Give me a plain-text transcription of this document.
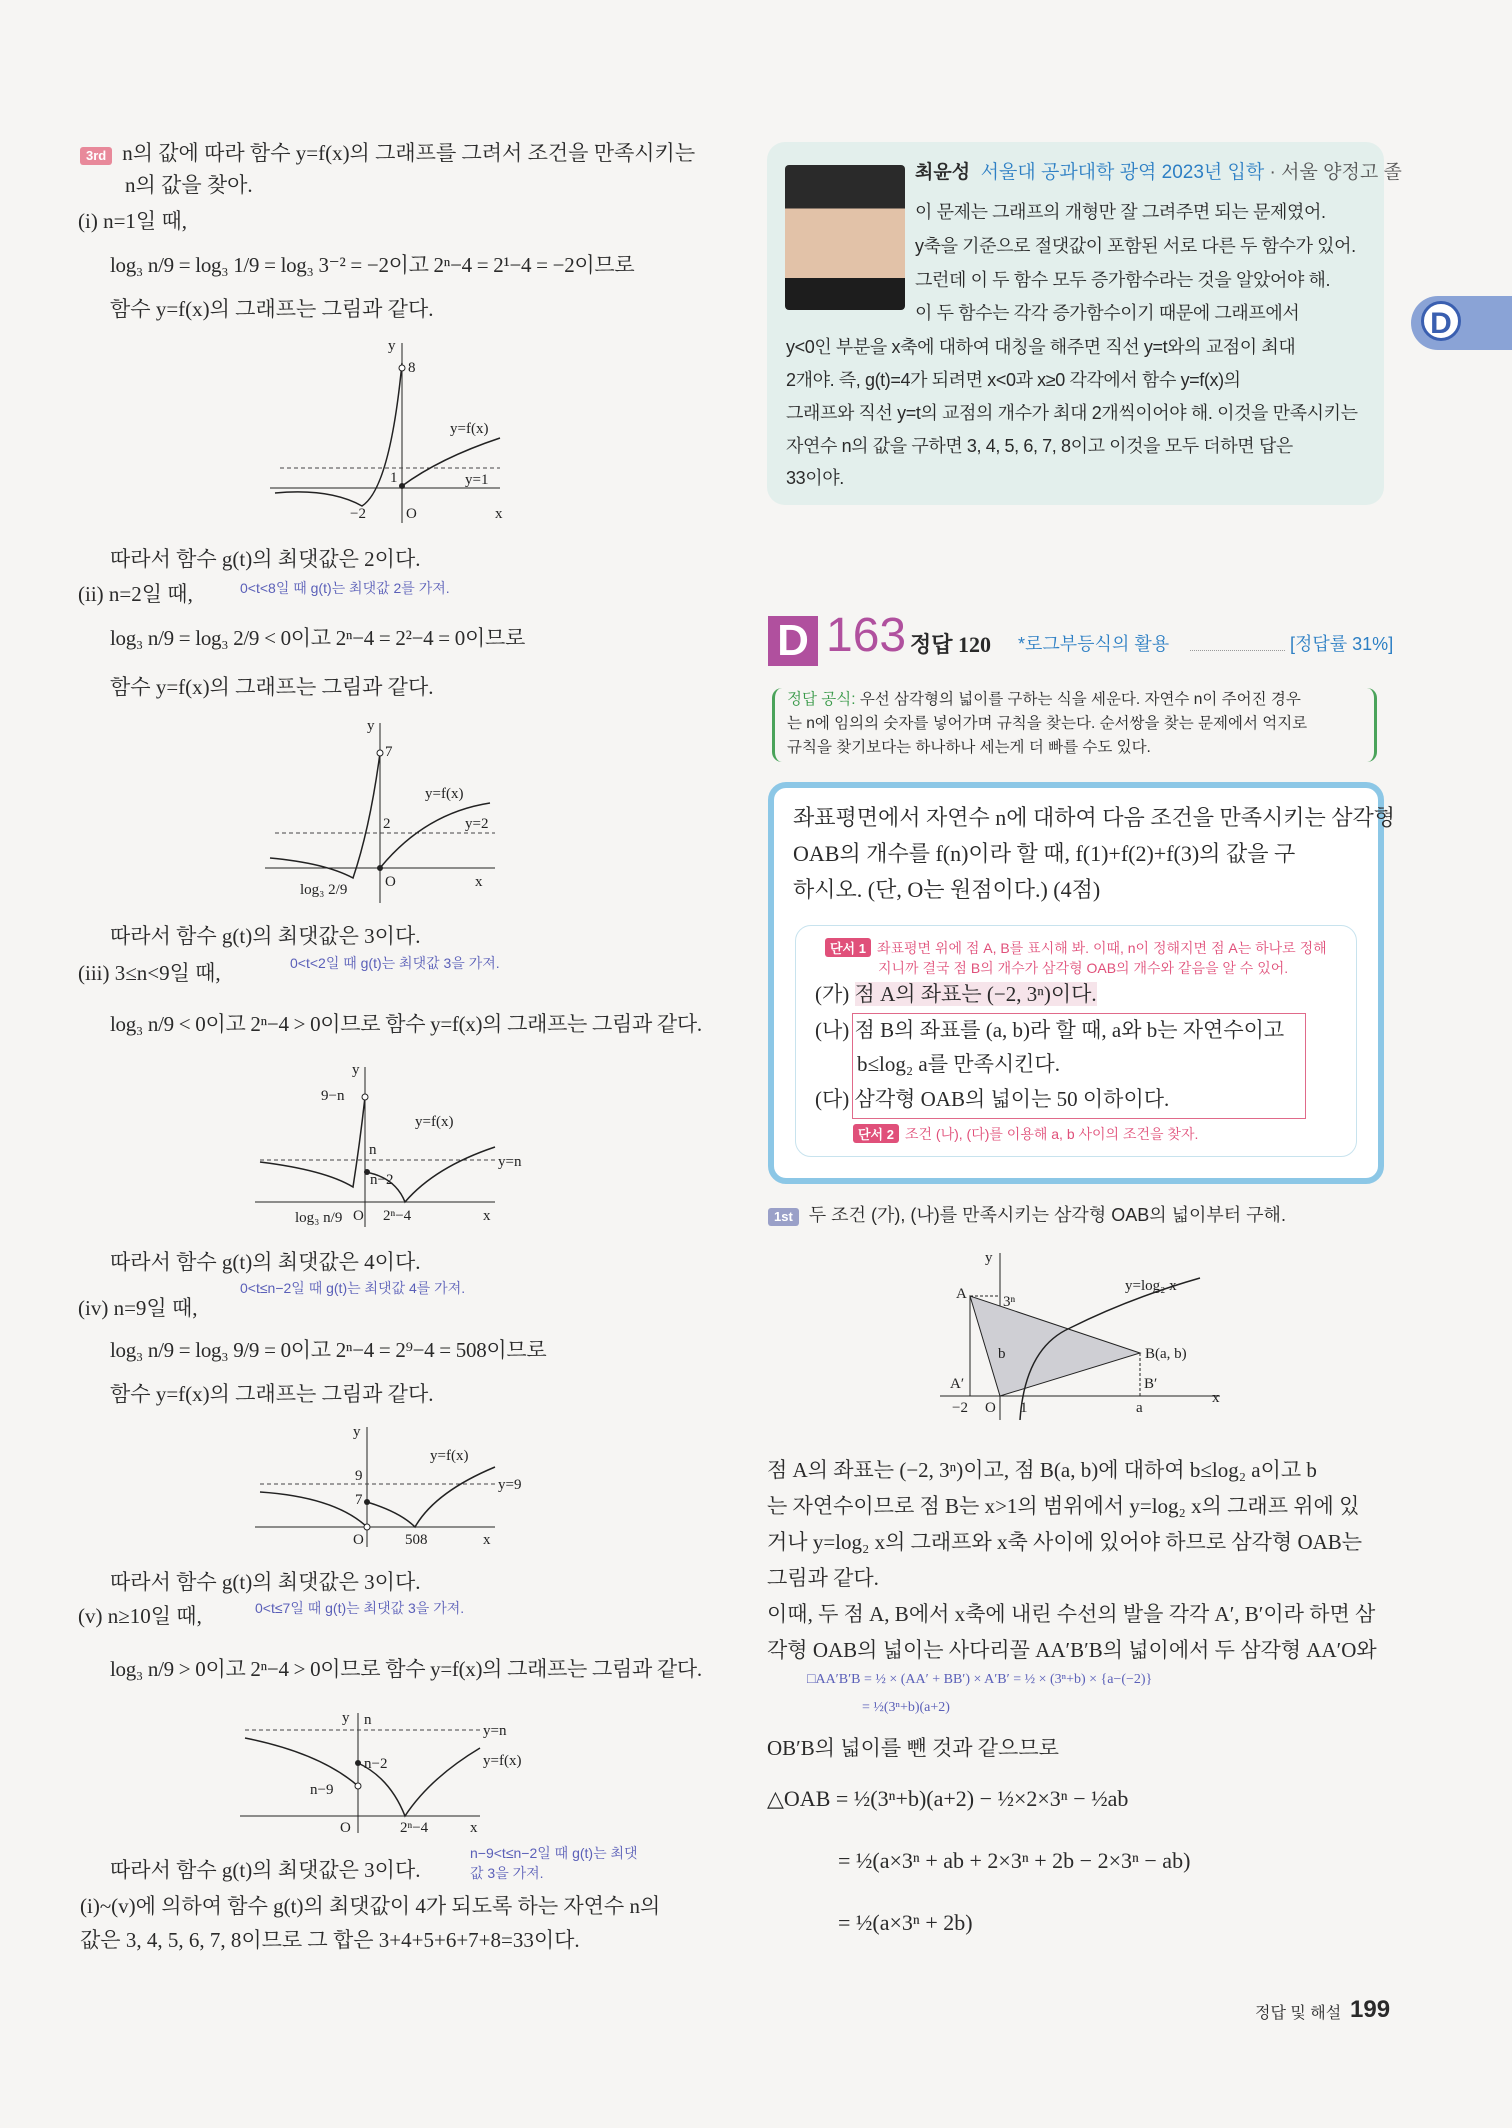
3rd n의 값에 따라 함수 y=f(x)의 그래프를 그려서 조건을 만족시키는
n의 값을 찾아.
(i) n=1일 때,
log₃ n/9 = log₃ 1/9 = log₃ 3⁻² = −2이고 2ⁿ−4 = 2¹−4 = −2이므로
함수 y=f(x)의 그래프는 그림과 같다.
y
8
y=f(x)
y=1
1
−2	O	x
따라서 함수 g(t)의 최댓값은 2이다.
0<t<8일 때 g(t)는 최댓값 2를 가져.
(ii) n=2일 때,
log₃ n/9 = log₃ 2/9 < 0이고 2ⁿ−4 = 2²−4 = 0이므로
함수 y=f(x)의 그래프는 그림과 같다.
y
7
y=f(x)
y=2
2
log₃ 2/9	O	x
따라서 함수 g(t)의 최댓값은 3이다.
0<t<2일 때 g(t)는 최댓값 3을 가져.
(iii) 3≤n<9일 때,
log₃ n/9 < 0이고 2ⁿ−4 > 0이므로 함수 y=f(x)의 그래프는 그림과 같다.
y
9−n
y=f(x)
y=n
n
n−2
log₃ n/9 O 2ⁿ−4	x
따라서 함수 g(t)의 최댓값은 4이다.
0<t≤n−2일 때 g(t)는 최댓값 4를 가져.
(iv) n=9일 때,
log₃ n/9 = log₃ 9/9 = 0이고 2ⁿ−4 = 2⁹−4 = 508이므로
함수 y=f(x)의 그래프는 그림과 같다.
y
y=f(x)
y=9
9
7
O	508	x
따라서 함수 g(t)의 최댓값은 3이다.
0<t≤7일 때 g(t)는 최댓값 3을 가져.
(v) n≥10일 때,
log₃ n/9 > 0이고 2ⁿ−4 > 0이므로 함수 y=f(x)의 그래프는 그림과 같다.
y n
y=n
y=f(x)
n−2
n−9
O	2ⁿ−4	x
따라서 함수 g(t)의 최댓값은 3이다.
n−9<t≤n−2일 때 g(t)는 최댓값 3을 가져.
(i)~(v)에 의하여 함수 g(t)의 최댓값이 4가 되도록 하는 자연수 n의
값은 3, 4, 5, 6, 7, 8이므로 그 합은 3+4+5+6+7+8=33이다.
최윤성 서울대 공과대학 광역 2023년 입학 · 서울 양정고 졸
이 문제는 그래프의 개형만 잘 그려주면 되는 문제였어.
y축을 기준으로 절댓값이 포함된 서로 다른 두 함수가 있어.
그런데 이 두 함수 모두 증가함수라는 것을 알았어야 해.
이 두 함수는 각각 증가함수이기 때문에 그래프에서
y<0인 부분을 x축에 대하여 대칭을 해주면 직선 y=t와의 교점이 최대
2개야. 즉, g(t)=4가 되려면 x<0과 x≥0 각각에서 함수 y=f(x)의
그래프와 직선 y=t의 교점의 개수가 최대 2개씩이어야 해. 이것을 만족시키는
자연수 n의 값을 구하면 3, 4, 5, 6, 7, 8이고 이것을 모두 더하면 답은
33이야.
D
D 163 정답 120 *로그부등식의 활용	[정답률 31%]
정답 공식: 우선 삼각형의 넓이를 구하는 식을 세운다. 자연수 n이 주어진 경우
는 n에 임의의 숫자를 넣어가며 규칙을 찾는다. 순서쌍을 찾는 문제에서 억지로
규칙을 찾기보다는 하나하나 세는게 더 빠를 수도 있다.
좌표평면에서 자연수 n에 대하여 다음 조건을 만족시키는 삼각형
OAB의 개수를 f(n)이라 할 때, f(1)+f(2)+f(3)의 값을 구
하시오. (단, O는 원점이다.) (4점)
단서 1 좌표평면 위에 점 A, B를 표시해 봐. 이때, n이 정해지면 점 A는 하나로 정해
지니까 결국 점 B의 개수가 삼각형 OAB의 개수와 같음을 알 수 있어.
(가) 점 A의 좌표는 (−2, 3ⁿ)이다.
(나) 점 B의 좌표를 (a, b)라 할 때, a와 b는 자연수이고
b≤log₂ a를 만족시킨다.
(다) 삼각형 OAB의 넓이는 50 이하이다.
단서 2 조건 (나), (다)를 이용해 a, b 사이의 조건을 찾자.
1st 두 조건 (가), (나)를 만족시키는 삼각형 OAB의 넓이부터 구해.
y
A 3ⁿ
y=log₂ x
B(a, b)
b
A′	B′
−2 O 1	a
x
점 A의 좌표는 (−2, 3ⁿ)이고, 점 B(a, b)에 대하여 b≤log₂ a이고 b
는 자연수이므로 점 B는 x>1의 범위에서 y=log₂ x의 그래프 위에 있
거나 y=log₂ x의 그래프와 x축 사이에 있어야 하므로 삼각형 OAB는
그림과 같다.
이때, 두 점 A, B에서 x축에 내린 수선의 발을 각각 A′, B′이라 하면 삼
각형 OAB의 넓이는 사다리꼴 AA′B′B의 넓이에서 두 삼각형 AA′O와
□AA′B′B = ½ × (AA′ + BB′) × A′B′ = ½ × (3ⁿ+b) × {a−(−2)}
= ½(3ⁿ+b)(a+2)
OB′B의 넓이를 뺀 것과 같으므로
△OAB = ½(3ⁿ+b)(a+2) − ½×2×3ⁿ − ½ab
= ½(a×3ⁿ + ab + 2×3ⁿ + 2b − 2×3ⁿ − ab)
= ½(a×3ⁿ + 2b)
정답 및 해설 199
